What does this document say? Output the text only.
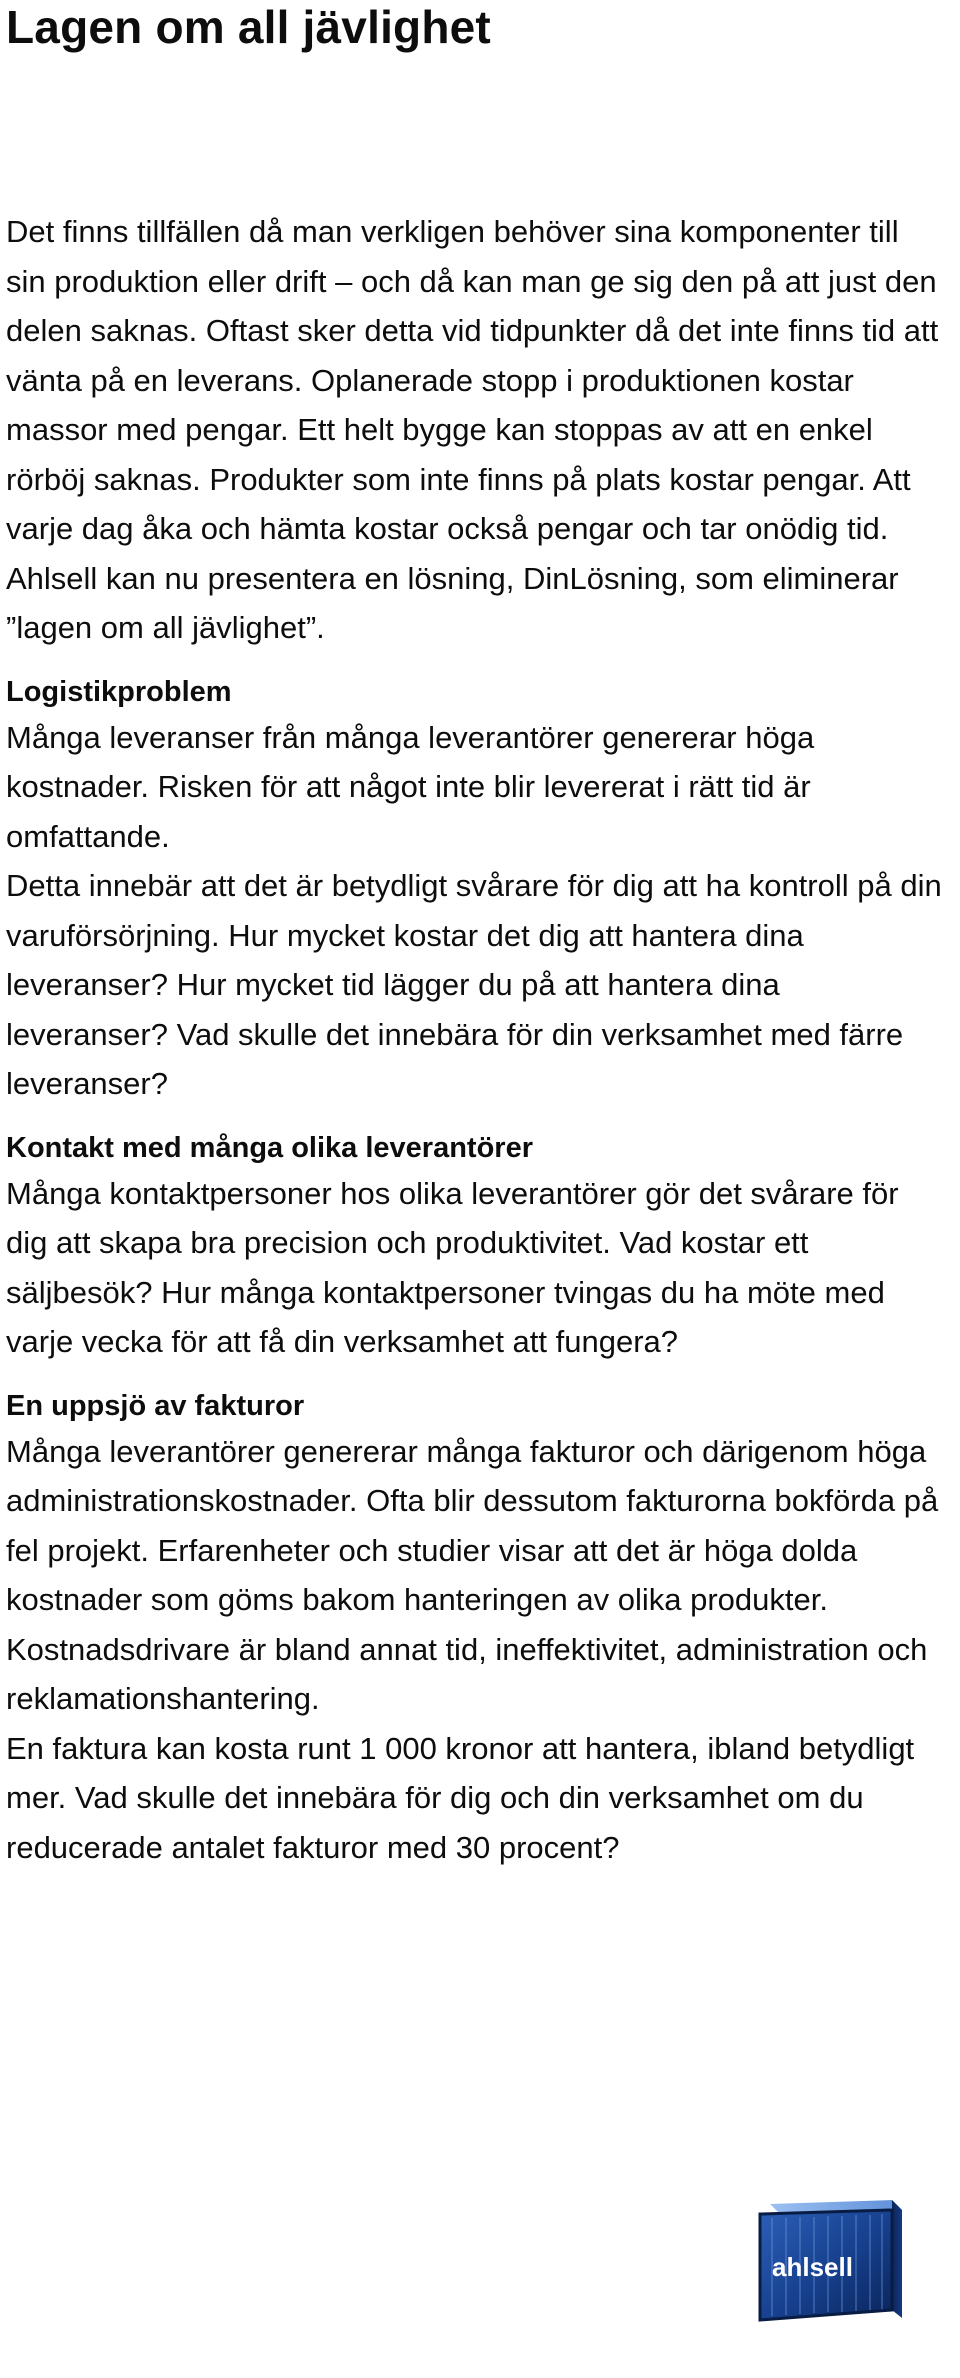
Lagen om all jävlighet

Det finns tillfällen då man verkligen behöver sina komponenter till sin produktion eller drift – och då kan man ge sig den på att just den delen saknas. Oftast sker detta vid tidpunkter då det inte finns tid att vänta på en leverans. Oplanerade stopp i produktionen kostar massor med pengar. Ett helt bygge kan stoppas av att en enkel rörböj saknas. Produkter som inte finns på plats kostar pengar. Att varje dag åka och hämta kostar också pengar och tar onödig tid. Ahlsell kan nu presentera en lösning, DinLösning, som eliminerar ”lagen om all jävlighet”.

Logistikproblem

Många leveranser från många leverantörer genererar höga kostnader. Risken för att något inte blir levererat i rätt tid är omfattande.

Detta innebär att det är betydligt svårare för dig att ha kontroll på din varuförsörjning. Hur mycket kostar det dig att hantera dina leveranser? Hur mycket tid lägger du på att hantera dina leveranser? Vad skulle det innebära för din verksamhet med färre leveranser?

Kontakt med många olika leverantörer

Många kontaktpersoner hos olika leverantörer gör det svårare för dig att skapa bra precision och produktivitet. Vad kostar ett säljbesök? Hur många kontaktpersoner tvingas du ha möte med varje vecka för att få din verksamhet att fungera?

En uppsjö av fakturor

Många leverantörer genererar många fakturor och därigenom höga administrationskostnader. Ofta blir dessutom fakturorna bokförda på fel projekt. Erfarenheter och studier visar att det är höga dolda kostnader som göms bakom hanteringen av olika produkter. Kostnadsdrivare är bland annat tid, ineffektivitet, administration och reklamationshantering.

En faktura kan kosta runt 1 000 kronor att hantera, ibland betydligt mer. Vad skulle det innebära för dig och din verksamhet om du reducerade antalet fakturor med 30 procent?

ahlsell
